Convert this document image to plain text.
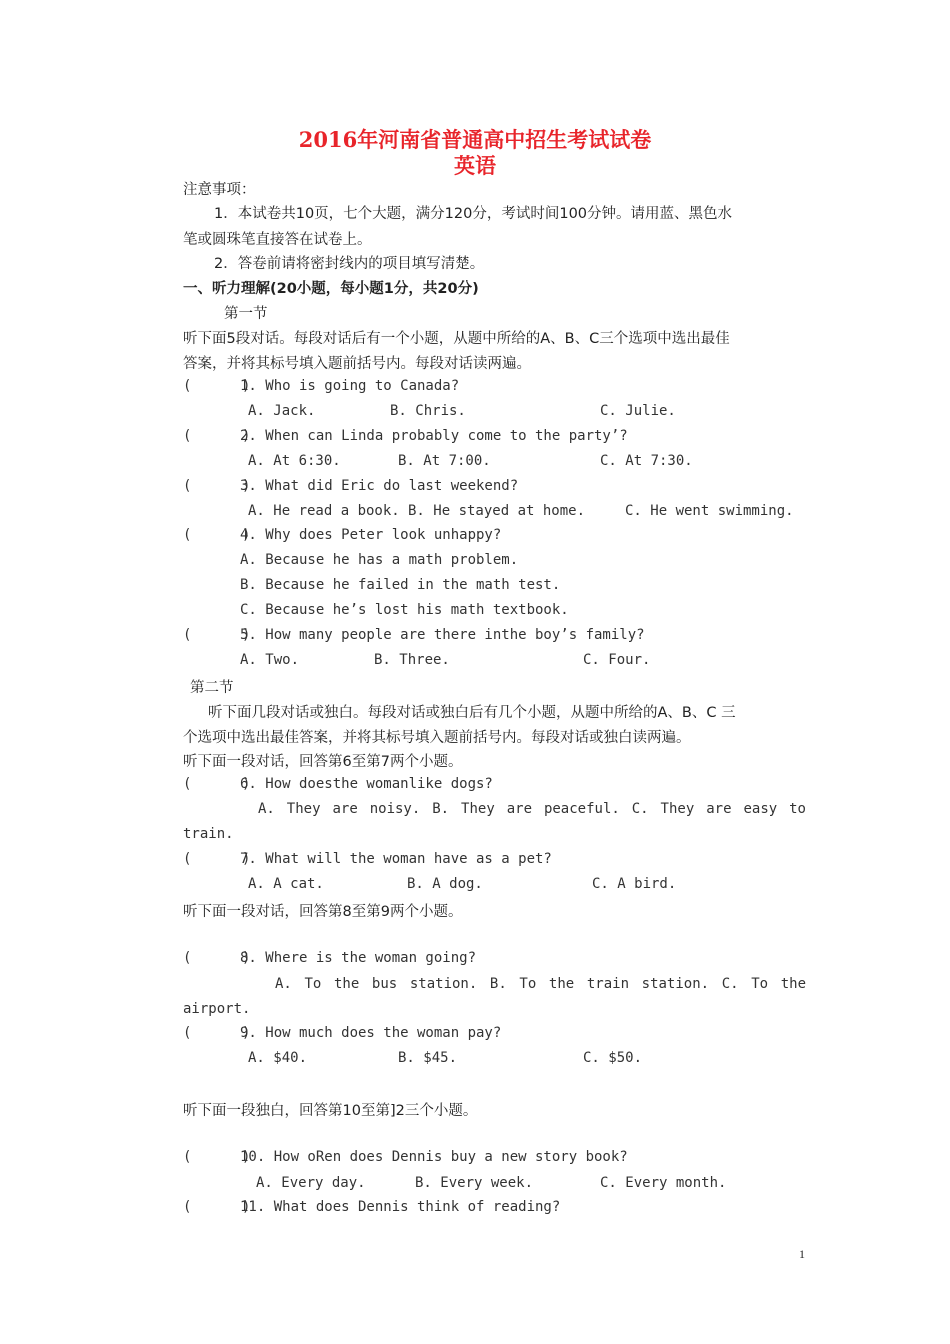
2016年河南省普通高中招生考试试卷
英语
注意事项：
1．本试卷共10页，七个大题，满分120分，考试时间100分钟。请用蓝、黑色水
笔或圆珠笔直接答在试卷上。
2．答卷前请将密封线内的项目填写清楚。
一、听力理解(20小题，每小题1分，共20分)
第一节
听下面5段对话。每段对话后有一个小题，从题中所给的A、B、C三个选项中选出最佳
答案，并将其标号填入题前括号内。每段对话读两遍。
(      )
1. Who is going to Canada?
A. Jack.	B. Chris.	C. Julie.
(      )
2. When can Linda probably come to the party’?
A. At 6:30.	B. At 7:00.	C. At 7:30.
(      )
3. What did Eric do last weekend?
A. He read a book. B. He stayed at home.	C. He went swimming.
(      )
4. Why does Peter look unhappy?
A. Because he has a math problem.
B. Because he failed in the math test.
C. Because he’s lost his math textbook.
(      )
5. How many people are there inthe boy’s family?
A. Two.	B. Three.	C. Four.
第二节
听下面几段对话或独白。每段对话或独白后有几个小题，从题中所给的A、B、C 三
个选项中选出最佳答案，并将其标号填入题前括号内。每段对话或独白读两遍。
听下面一段对话，回答第6至第7两个小题。
(      )
6. How doesthe womanlike dogs?
A. They are noisy. B. They are peaceful. C. They are easy to
train.
(      )
7. What will the woman have as a pet?
A. A cat.	B. A dog.	C. A bird.
听下面一段对话，回答第8至第9两个小题。
(      )
8. Where is the woman going?
A. To the bus station. B. To the train station. C. To the
airport.
(      )
9. How much does the woman pay?
A. $40.	B. $45.	C. $50.
听下面一段独白，回答第10至第]2三个小题。
(      )
10. How oRen does Dennis buy a new story book?
A. Every day.	B. Every week.	C. Every month.
(      )
11. What does Dennis think of reading?
1
